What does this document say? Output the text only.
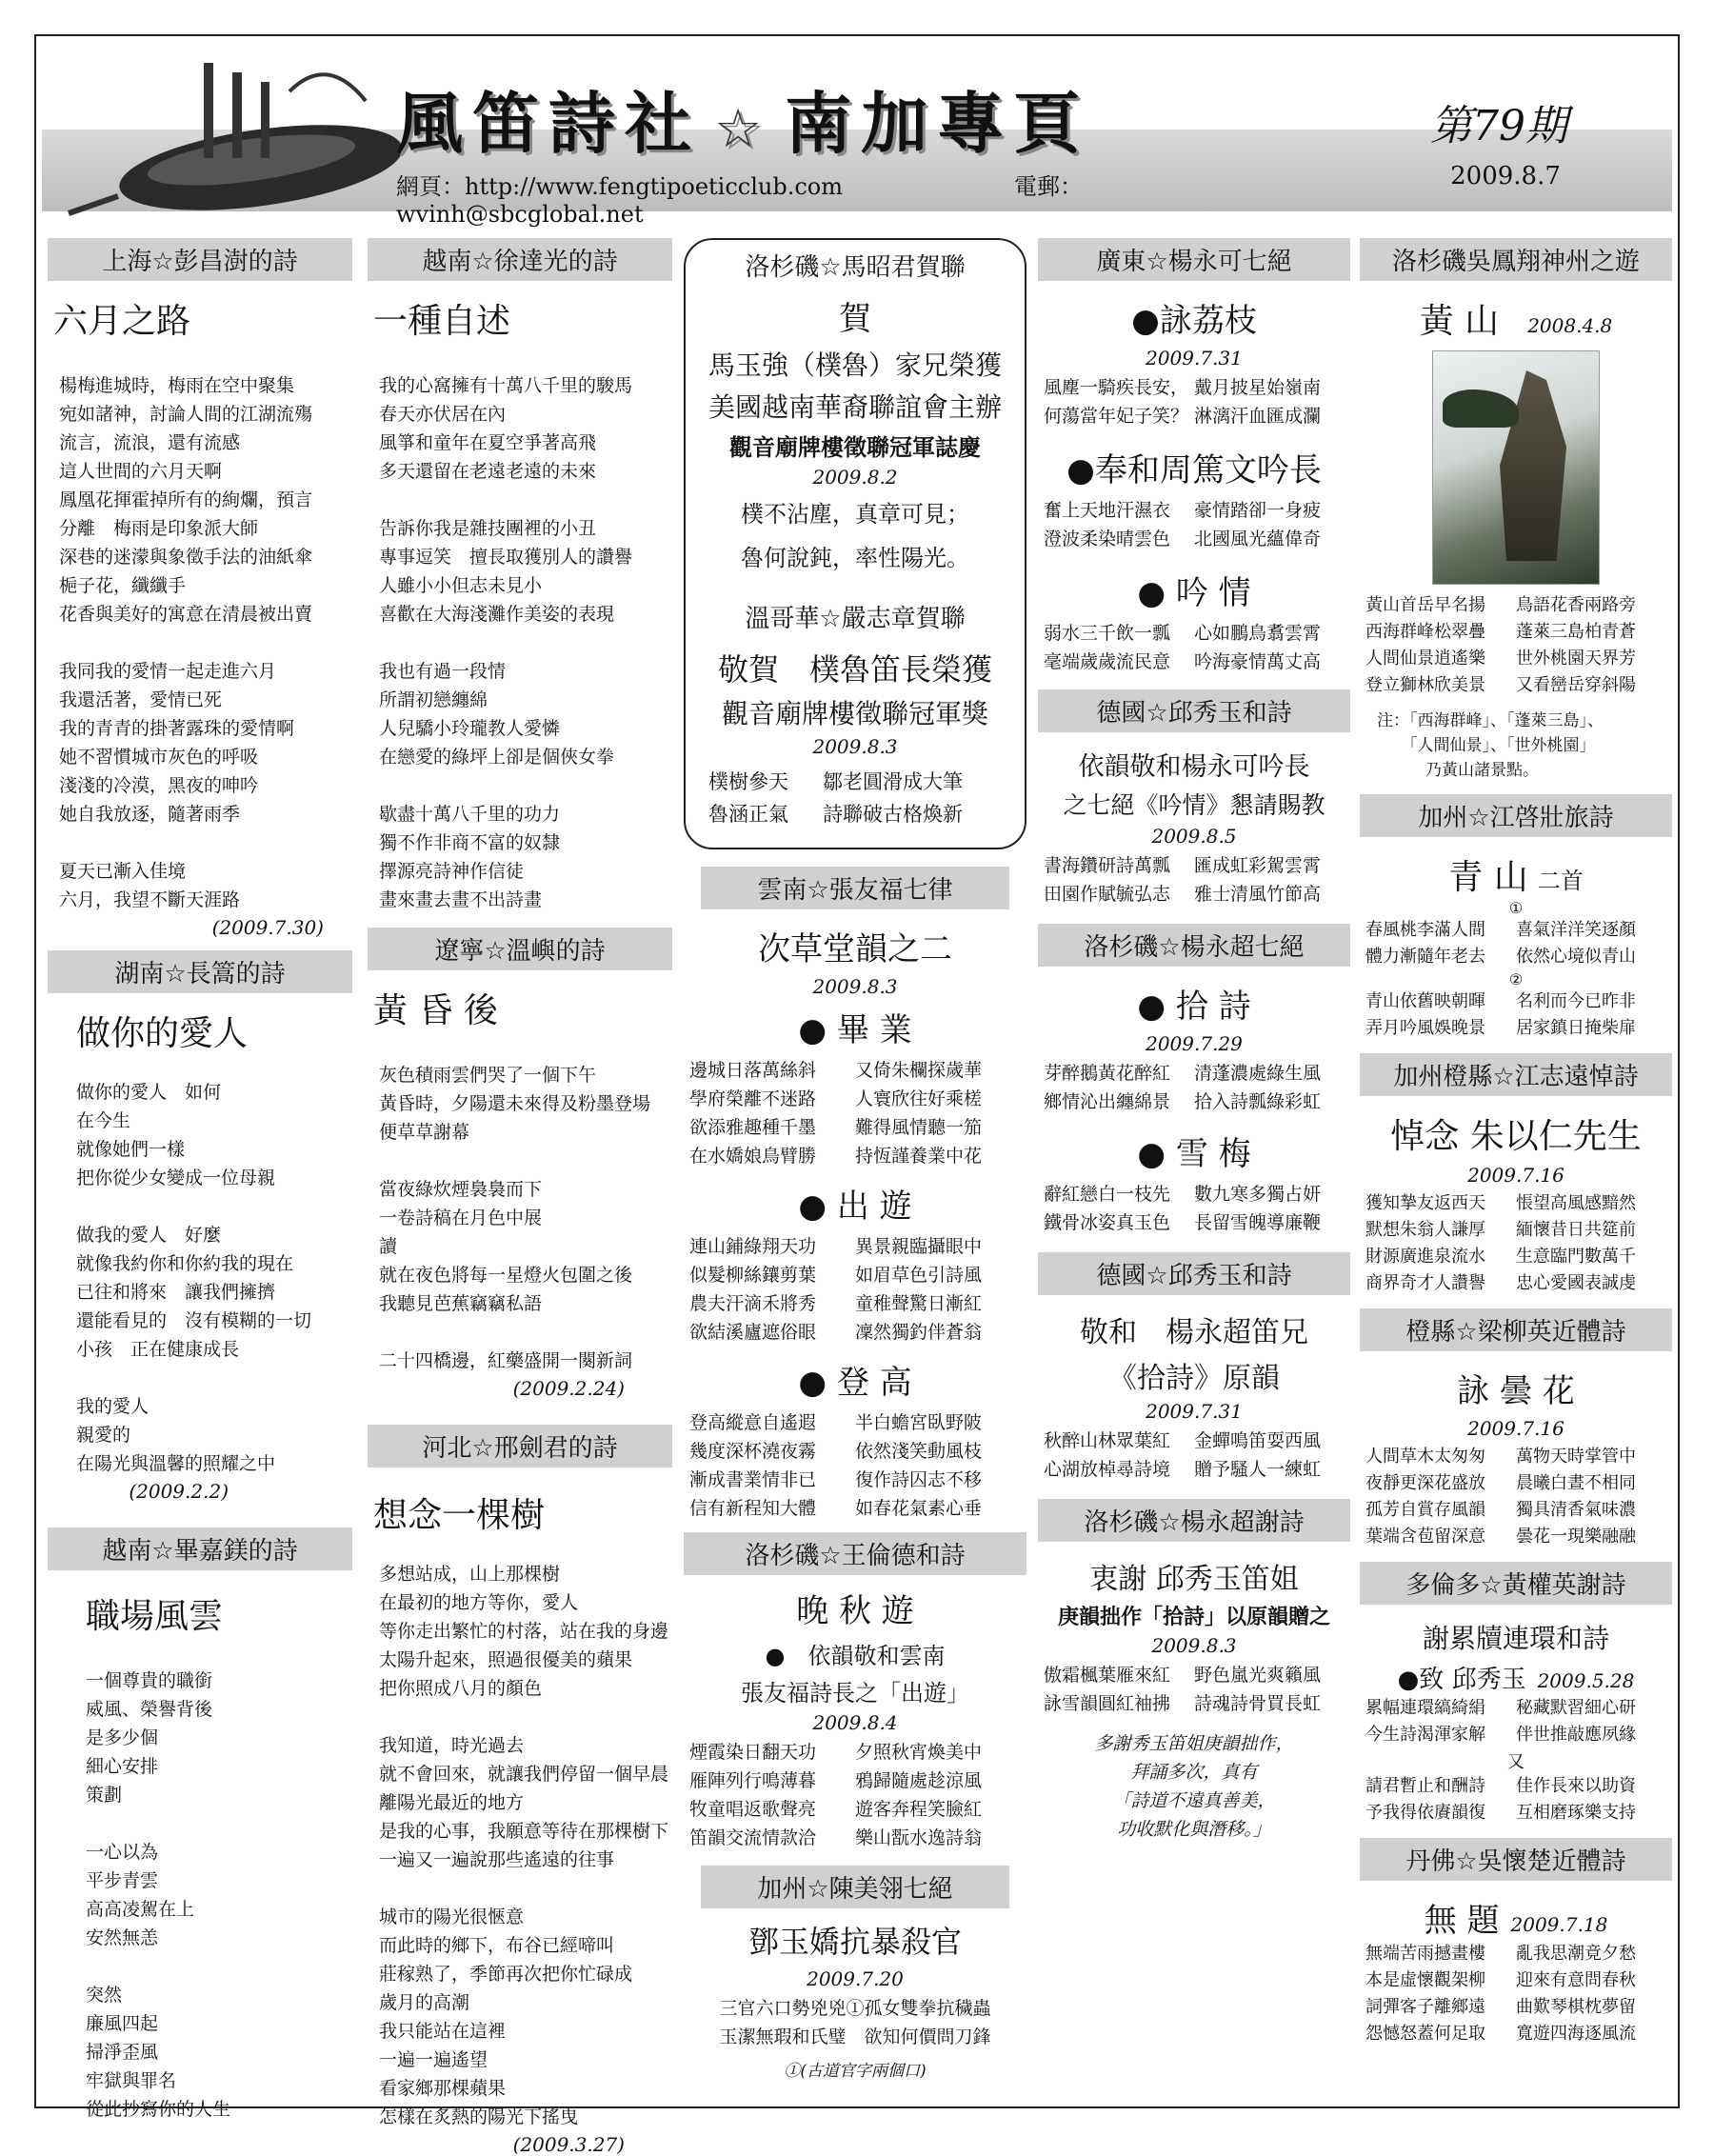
風笛詩社 ☆ 南加專頁
網頁：http://www.fengtipoeticclub.com	電郵：wvinh@sbcglobal.net
第79期
2009.8.7
上海☆彭昌澍的詩
六月之路
楊梅進城時，梅雨在空中聚集
宛如諸神，討論人間的江湖流殤
流言，流浪，還有流感
這人世間的六月天啊
鳳凰花揮霍掉所有的絢爛，預言
分離　梅雨是印象派大師
深巷的迷濛與象徵手法的油紙傘
梔子花，纖纖手
花香與美好的寓意在清晨被出賣

我同我的愛情一起走進六月
我還活著，愛情已死
我的青青的掛著露珠的愛情啊
她不習慣城市灰色的呼吸
淺淺的冷漠，黑夜的呻吟
她自我放逐，隨著雨季

夏天已漸入佳境
六月，我望不斷天涯路
(2009.7.30)
湖南☆長篙的詩
做你的愛人
做你的愛人　如何
在今生
就像她們一樣
把你從少女變成一位母親

做我的愛人　好麼
就像我約你和你約我的現在
已往和將來　讓我們擁擠
還能看見的　沒有模糊的一切
小孩　正在健康成長

我的愛人
親愛的
在陽光與溫馨的照耀之中
(2009.2.2)
越南☆畢嘉鎂的詩
職場風雲
一個尊貴的職銜
威風、榮譽背後
是多少個
細心安排
策劃

一心以為
平步青雲
高高凌駕在上
安然無恙

突然
廉風四起
掃淨歪風
牢獄與罪名
從此抄寫你的人生
越南☆徐達光的詩
一種自述
我的心窩擁有十萬八千里的駿馬
春天亦伏居在內
風箏和童年在夏空爭著高飛
多天還留在老遠老遠的未來

告訴你我是雜技團裡的小丑
專事逗笑　擅長取獲別人的讚譽
人雖小小但志未見小
喜歡在大海淺灘作美姿的表現

我也有過一段情
所謂初戀纏綿
人兒驕小玲瓏教人愛憐
在戀愛的綠坪上卻是個俠女拳

歇盡十萬八千里的功力
獨不作非商不富的奴隸
擇源亮詩神作信徒
畫來畫去畫不出詩畫
遼寧☆溫嶼的詩
黃 昏 後
灰色積雨雲們哭了一個下午
黃昏時，夕陽還未來得及粉墨登場
便草草謝幕

當夜綠炊煙裊裊而下
一卷詩稿在月色中展
讀
就在夜色將每一星燈火包圍之後
我聽見芭蕉竊竊私語

二十四橋邊，紅藥盛開一闋新詞
(2009.2.24)
河北☆邢劍君的詩
想念一棵樹
多想站成，山上那棵樹
在最初的地方等你，愛人
等你走出繁忙的村落，站在我的身邊
太陽升起來，照過很優美的蘋果
把你照成八月的顏色

我知道，時光過去
就不會回來，就讓我們停留一個早晨
離陽光最近的地方
是我的心事，我願意等待在那棵樹下
一遍又一遍說那些遙遠的往事

城市的陽光很愜意
而此時的鄉下，布谷已經啼叫
莊稼熟了，季節再次把你忙碌成
歲月的高潮
我只能站在這裡
一遍一遍遙望
看家鄉那棵蘋果
怎樣在炙熱的陽光下搖曳
(2009.3.27)
洛杉磯☆馬昭君賀聯
賀
馬玉強（樸魯）家兄榮獲
美國越南華裔聯誼會主辦
觀音廟牌樓徵聯冠軍誌慶
2009.8.2
樸不沾塵，真章可見；
魯何說鈍，率性陽光。
溫哥華☆嚴志章賀聯
敬賀　樸魯笛長榮獲
觀音廟牌樓徵聯冠軍獎
2009.8.3
樸樹參天	鄒老圓滑成大筆
魯涵正氣	詩聯破古格煥新
雲南☆張友福七律
次草堂韻之二
2009.8.3
● 畢 業
邊城日落萬絲斜	又倚朱欄探歲華
學府榮離不迷路	人寰欣往好乘槎
欲添雅趣種千墨	難得風情聽一笳
在水嬌娘鳥臂勝	持恆謹養業中花
● 出 遊
連山鋪綠翔天功	異景親臨攝眼中
似髮柳絲鑲剪葉	如眉草色引詩風
農夫汗滴禾將秀	童稚聲驚日漸紅
欲結溪廬遮俗眼	凜然獨釣伴蒼翁
● 登 高
登高縱意自遙遐	半白蟾宮臥野陂
幾度深杯澆夜霧	依然淺笑動風枝
漸成書業情非已	復作詩囚志不移
信有新程知大體	如春花氣素心垂
洛杉磯☆王倫德和詩
晚 秋 遊
●　依韻敬和雲南
張友福詩長之「出遊」
2009.8.4
煙霞染日翻天功	夕照秋宵煥美中
雁陣列行鳴薄暮	鴉歸隨處趁涼風
牧童唱返歌聲亮	遊客奔程笑臉紅
笛韻交流情款洽	樂山翫水逸詩翁
加州☆陳美翎七絕
鄧玉嬌抗暴殺官
2009.7.20
三官六口勢兇兇①孤女雙拳抗穢蟲
玉潔無瑕和氏璧　欲知何價問刀鋒
①(古道官字兩個口)
廣東☆楊永可七絕
●詠荔枝
2009.7.31
風塵一騎疾長安， 戴月披星始嶺南
何蕩當年妃子笑？ 淋漓汗血匯成瀾
●奉和周篤文吟長
奮上天地汗濕衣	豪情踏卻一身疲
澄波柔染晴雲色	北國風光蘊偉奇
● 吟 情
弱水三千飲一瓢	心如鵬鳥翥雲霄
毫端歲歲流民意	吟海豪情萬丈高
德國☆邱秀玉和詩
依韻敬和楊永可吟長
之七絕《吟情》懇請賜教
2009.8.5
書海鑽研詩萬瓢	匯成虹彩駕雲霄
田園作賦毓弘志	雅士清風竹節高
洛杉磯☆楊永超七絕
● 拾 詩
2009.7.29
芽醉鵝黃花醉紅	清蓬濃處綠生風
鄉情沁出纏綿景	拾入詩瓢綠彩虹
● 雪 梅
辭紅戀白一枝先	數九寒多獨占妍
鐵骨冰姿真玉色	長留雪魄導廉鞭
德國☆邱秀玉和詩
敬和　楊永超笛兄
《拾詩》原韻
2009.7.31
秋醉山林眾葉紅	金蟬鳴笛耍西風
心湖放棹尋詩境	贈予騷人一練虹
洛杉磯☆楊永超謝詩
衷謝 邱秀玉笛姐
庚韻拙作「拾詩」以原韻贈之
2009.8.3
傲霜楓葉雁來紅	野色嵐光爽籟風
詠雪韻圓紅袖拂	詩魂詩骨買長虹
多謝秀玉笛姐庚韻拙作，
拜誦多次，真有
「詩道不遠真善美，
功收默化與潛移。」
洛杉磯吳鳳翔神州之遊
黃 山 2008.4.8
黃山首岳早名揚	鳥語花香兩路旁
西海群峰松翠疊	蓬萊三島柏青蒼
人間仙景逍遙樂	世外桃園天界芳
登立獅林欣美景	又看巒岳穿斜陽
注：「西海群峰」、「蓬萊三島」、
　　「人間仙景」、「世外桃園」
　　　乃黃山諸景點。
加州☆江啓壯旅詩
青 山 二首
①
春風桃李滿人間	喜氣洋洋笑逐顏
體力漸隨年老去	依然心境似青山
②
青山依舊映朝暉	名利而今已昨非
弄月吟風娛晚景	居家鎮日掩柴扉
加州橙縣☆江志遠悼詩
悼念 朱以仁先生
2009.7.16
獲知摯友返西天	悵望高風感黯然
默想朱翁人謙厚	緬懷昔日共筵前
財源廣進泉流水	生意臨門數萬千
商界奇才人讚譽	忠心愛國表誠虔
橙縣☆梁柳英近體詩
詠 曇 花
2009.7.16
人間草木太匆匆	萬物天時掌管中
夜靜更深花盛放	晨曦白晝不相同
孤芳自賞存風韻	獨具清香氣味濃
葉端含苞留深意	曇花一現樂融融
多倫多☆黃權英謝詩
謝累牘連環和詩
●致 邱秀玉 2009.5.28
累幅連環縞綺絹	秘藏默習細心研
今生詩渴渾家解	伴世推敲應夙緣
又
請君暫止和酬詩	佳作長來以助資
予我得依賡韻復	互相磨琢樂支持
丹佛☆吳懷楚近體詩
無 題 2009.7.18
無端苦雨撼畫樓	亂我思潮竟夕愁
本是虛懷觀架柳	迎來有意問春秋
詞彈客子離鄉遠	曲歎琴棋枕夢留
怨憾怒蓋何足取	寬遊四海逐風流
